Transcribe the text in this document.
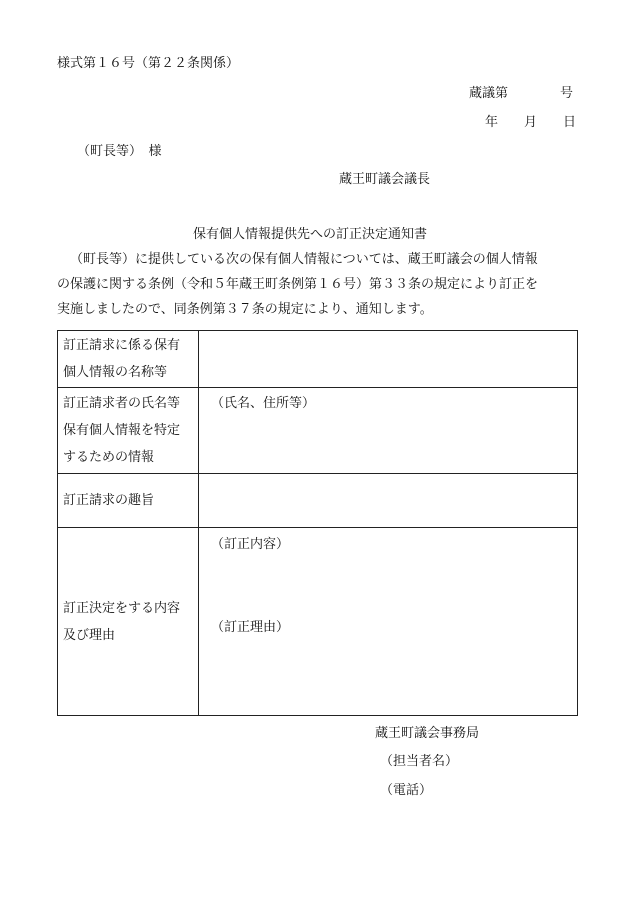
様式第１６号（第２２条関係）
蔵議第　　　　号
年　　月　　日
（町長等）　様
蔵王町議会議長
保有個人情報提供先への訂正決定通知書
（町長等）に提供している次の保有個人情報については、蔵王町議会の個人情報
の保護に関する条例（令和５年蔵王町条例第１６号）第３３条の規定により訂正を
実施しましたので、同条例第３７条の規定により、通知します。
訂正請求に係る保有
個人情報の名称等	

訂正請求者の氏名等
保有個人情報を特定
するための情報	（氏名、住所等）

訂正請求の趣旨	

訂正決定をする内容
及び理由	（訂正内容）
（訂正理由）
蔵王町議会事務局
（担当者名）
（電話）
